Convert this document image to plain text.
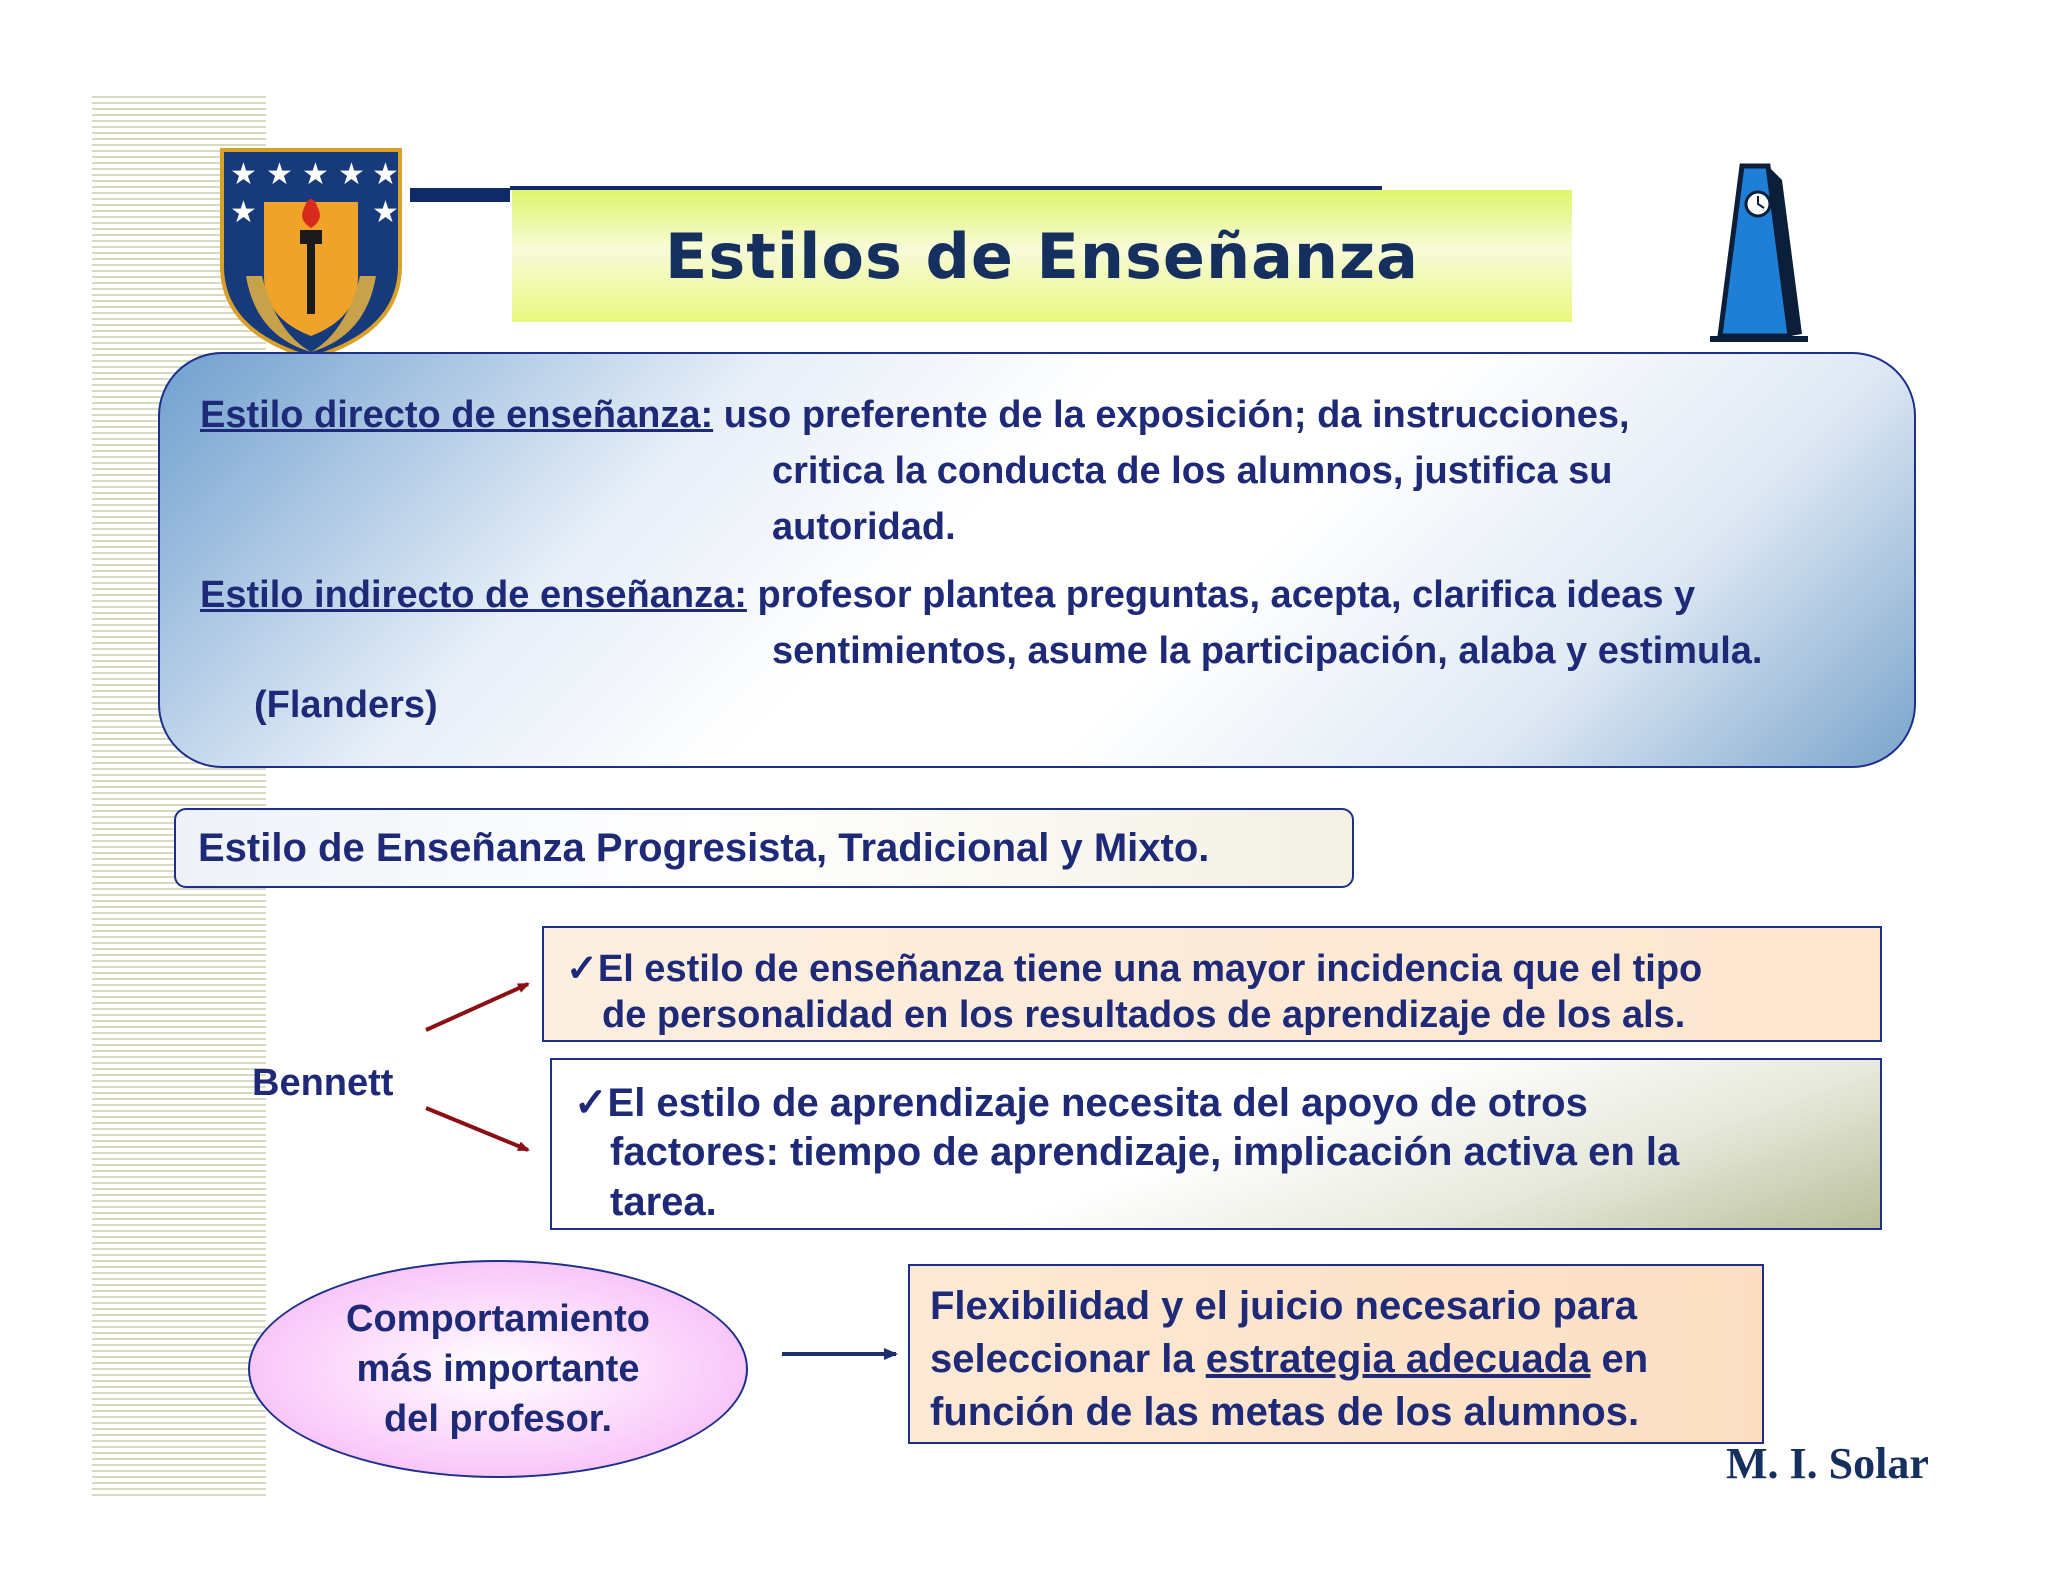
★ ★ ★ ★ ★
★	★
Estilos de Enseñanza
Estilo directo de enseñanza: uso preferente de la exposición; da instrucciones,
critica la conducta de los alumnos, justifica su
autoridad.
Estilo indirecto de enseñanza: profesor plantea preguntas, acepta, clarifica ideas y
sentimientos, asume la participación, alaba y estimula.
(Flanders)
Estilo de Enseñanza Progresista, Tradicional y Mixto.
Bennett
✓El estilo de enseñanza tiene una mayor incidencia que el tipo
de personalidad en los resultados de aprendizaje de los als.
✓El estilo de aprendizaje necesita del apoyo de otros
factores: tiempo de aprendizaje, implicación activa en la
tarea.
Comportamiento
más importante
del profesor.
Flexibilidad y el juicio necesario para
seleccionar la estrategia adecuada en
función de las metas de los alumnos.
M. I. Solar
